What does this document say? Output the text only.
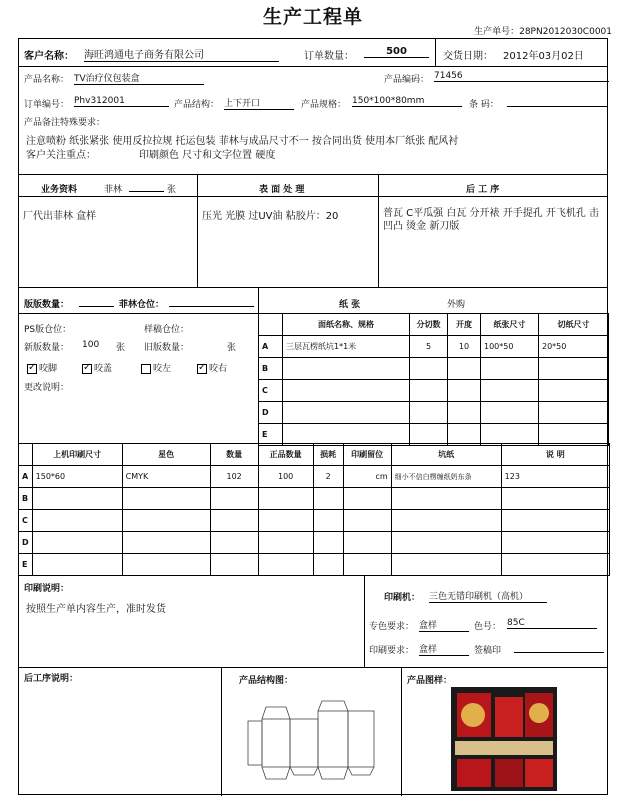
生产工程单
生产单号：28PN2012030C0001
客户名称： 海旺鸿通电子商务有限公司	订单数量：	500	交货日期： 2012年03月02日
产品名称： TV治疗仪包装盒	产品编码： 71456
订单编号： Phv312001	产品结构： 上下开口	产品规格： 150*100*80mm	条 码：
产品备注特殊要求：
注意喷粉 纸张紧张 使用反拉拉规 托运包装 菲林与成品尺寸不一 按合同出货 使用本厂纸张 配风衬
客户关注重点：	印刷颜色 尺寸和文字位置 硬度
业务资料	菲林	张	表 面 处 理	后 工 序
厂代出菲林 盒样	压光 光膜 过UV油 粘胶片：20	普瓦 C平瓜强 白瓦 分开裱 开手提孔 开飞机孔 击凹凸 烫金 新刀版
版版数量：	菲林仓位：
PS版仓位：	样稿仓位：
新版数量： 100 张 旧版数量：	张
✓咬脚 ✓	咬盖	咬左 ✓	咬右
更改说明：
纸 张	外购
	面纸名称、规格	分切数	开度	纸张尺寸	切纸尺寸
A	三层瓦楞纸坑1*1米	5	10	100*50	20*50
B					
C					
D					
E					
	上机印刷尺寸	星色	数量	正品数量	损耗	印刷留位	坑纸	说 明
A	150*60	CMYK	102	100	2	cm	细小不信白楞缠纸奶东条	123
B								
C								
D								
E								
印刷说明：
按照生产单内容生产，准时发货
印刷机： 三色无错印刷机（高机）
专色要求： 盒样	色号： 85C
印刷要求： 盒样	签稿印
后工序说明：	产品结构图：	产品图样：
